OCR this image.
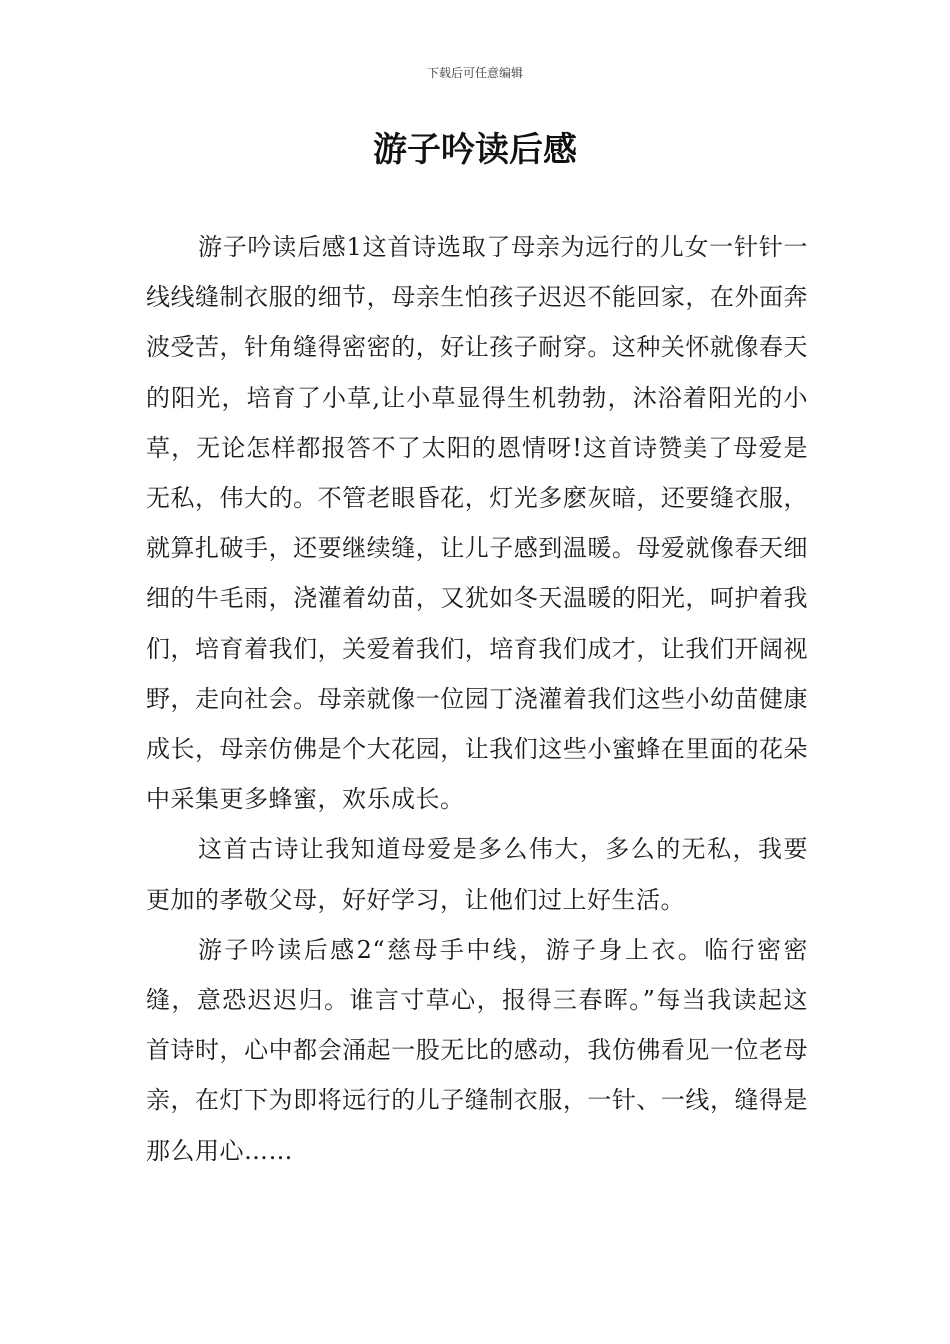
下载后可任意编辑
游子吟读后感

游子吟读后感1这首诗选取了母亲为远行的儿女一针针一线线缝制衣服的细节，母亲生怕孩子迟迟不能回家，在外面奔波受苦，针角缝得密密的，好让孩子耐穿。这种关怀就像春天的阳光，培育了小草,让小草显得生机勃勃，沐浴着阳光的小草，无论怎样都报答不了太阳的恩情呀!这首诗赞美了母爱是无私，伟大的。不管老眼昏花，灯光多麽灰暗，还要缝衣服，就算扎破手，还要继续缝，让儿子感到温暖。母爱就像春天细细的牛毛雨，浇灌着幼苗，又犹如冬天温暖的阳光，呵护着我们，培育着我们，关爱着我们，培育我们成才，让我们开阔视野，走向社会。母亲就像一位园丁浇灌着我们这些小幼苗健康成长，母亲仿佛是个大花园，让我们这些小蜜蜂在里面的花朵中采集更多蜂蜜，欢乐成长。

这首古诗让我知道母爱是多么伟大，多么的无私，我要更加的孝敬父母，好好学习，让他们过上好生活。

游子吟读后感2“慈母手中线，游子身上衣。临行密密缝，意恐迟迟归。谁言寸草心，报得三春晖。”每当我读起这首诗时，心中都会涌起一股无比的感动，我仿佛看见一位老母亲，在灯下为即将远行的儿子缝制衣服，一针、一线，缝得是那么用心……
